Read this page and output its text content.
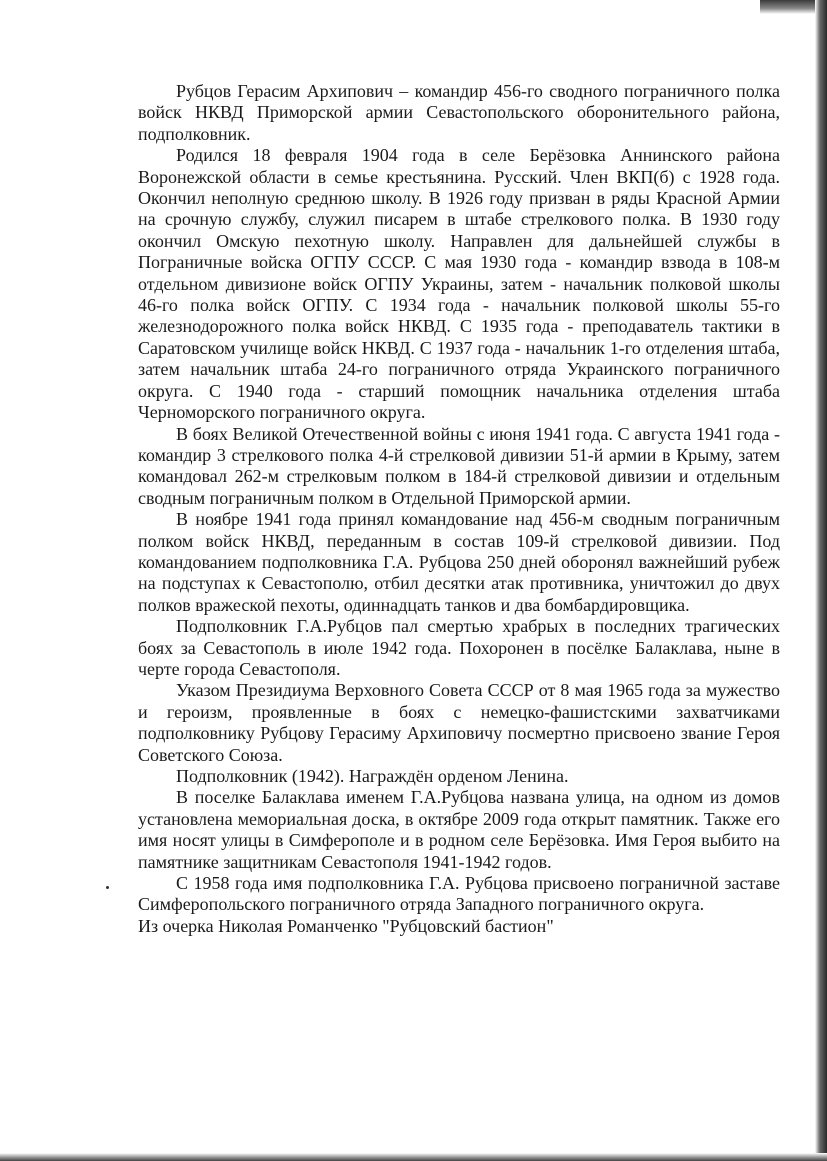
Рубцов Герасим Архипович – командир 456-го сводного пограничного полка войск НКВД Приморской армии Севастопольского оборонительного района, подполковник.

Родился 18 февраля 1904 года в селе Берёзовка Аннинского района Воронежской области в семье крестьянина. Русский. Член ВКП(б) с 1928 года. Окончил неполную среднюю школу. В 1926 году призван в ряды Красной Армии на срочную службу, служил писарем в штабе стрелкового полка. В 1930 году окончил Омскую пехотную школу. Направлен для дальнейшей службы в Пограничные войска ОГПУ СССР. С мая 1930 года - командир взвода в 108-м отдельном дивизионе войск ОГПУ Украины, затем - начальник полковой школы 46-го полка войск ОГПУ. С 1934 года - начальник полковой школы 55-го железнодорожного полка войск НКВД. С 1935 года - преподаватель тактики в Саратовском училище войск НКВД. С 1937 года - начальник 1-го отделения штаба, затем начальник штаба 24-го пограничного отряда Украинского пограничного округа. С 1940 года - старший помощник начальника отделения штаба Черноморского пограничного округа.

В боях Великой Отечественной войны с июня 1941 года. С августа 1941 года - командир 3 стрелкового полка 4-й стрелковой дивизии 51-й армии в Крыму, затем командовал 262-м стрелковым полком в 184-й стрелковой дивизии и отдельным сводным пограничным полком в Отдельной Приморской армии.

В ноябре 1941 года принял командование над 456-м сводным пограничным полком войск НКВД, переданным в состав 109-й стрелковой дивизии. Под командованием подполковника Г.А. Рубцова 250 дней оборонял важнейший рубеж на подступах к Севастополю, отбил десятки атак противника, уничтожил до двух полков вражеской пехоты, одиннадцать танков и два бомбардировщика.

Подполковник Г.А.Рубцов пал смертью храбрых в последних трагических боях за Севастополь в июле 1942 года. Похоронен в посёлке Балаклава, ныне в черте города Севастополя.

Указом Президиума Верховного Совета СССР от 8 мая 1965 года за мужество и героизм, проявленные в боях с немецко-фашистскими захватчиками подполковнику Рубцову Герасиму Архиповичу посмертно присвоено звание Героя Советского Союза.

Подполковник (1942). Награждён орденом Ленина.

В поселке Балаклава именем Г.А.Рубцова названа улица, на одном из домов установлена мемориальная доска, в октябре 2009 года открыт памятник. Также его имя носят улицы в Симферополе и в родном селе Берёзовка. Имя Героя выбито на памятнике защитникам Севастополя 1941-1942 годов.

С 1958 года имя подполковника Г.А. Рубцова присвоено пограничной заставе Симферопольского пограничного отряда Западного пограничного округа.

Из очерка Николая Романченко "Рубцовский бастион"
